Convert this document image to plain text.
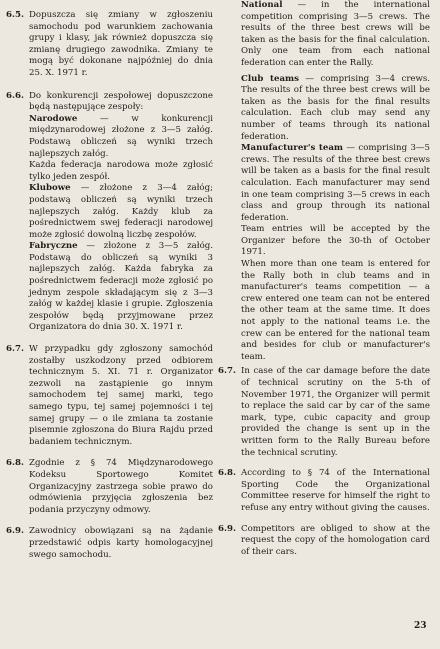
6.5. Dopuszcza się zmiany w zgłoszeniu samochodu pod warunkiem zachowania grupy i klasy, jak również dopuszcza się zmianę drugiego zawodnika. Zmiany te mogą być dokonane najpóźniej do dnia 25. X. 1971 r.

6.6. Do konkurencji zespołowej dopuszczone będą następujące zespoły:

Narodowe	— w konkurencji międzynarodowej złożone z 3—5 załóg. Podstawą obliczeń są wyniki trzech najlepszych załóg.

Każda federacja narodowa może zgłosić tylko jeden zespół.

Klubowe — złożone z 3—4 załóg; podstawą obliczeń są wyniki trzech najlepszych załóg. Każdy klub za pośrednictwem swej federacji narodowej może zgłosić dowolną liczbę zespołów.

Fabryczne — złożone z 3—5 załóg. Podstawą do obliczeń są wyniki 3 najlepszych załóg. Każda fabryka za pośrednictwem federacji może zgłosić po jednym zespole składającym się z 3—3 załóg w każdej klasie i grupie. Zgłoszenia zespołów będą przyjmowane przez Organizatora do dnia 30. X. 1971 r.

6.7. W przypadku gdy zgłoszony samochód zostałby uszkodzony przed odbiorem technicznym 5. XI. 71 r. Organizator zezwoli na zastąpienie go innym samochodem tej samej marki, tego samego typu, tej samej pojemności i tej samej grupy — o ile zmiana ta zostanie pisemnie zgłoszona do Biura Rajdu przed badaniem technicznym.

6.8. Zgodnie z § 74 Międzynarodowego Kodeksu Sportowego Komitet Organizacyjny zastrzega sobie prawo do odmówienia przyjęcia zgłoszenia bez podania przyczyny odmowy.

6.9. Zawodnicy obowiązani są na żądanie przedstawić odpis karty homologacyjnej swego samochodu.

National — in the international competition comprising 3—5 crews. The results of the three best crews will be taken as the basis for the final calculation. Only one team from each national federation can enter the Rally.

Club teams — comprising 3—4 crews. The results of the three best crews will be taken as the basis for the final results calculation. Each club may send any number of teams through its national federation.

Manufacturer's team — comprising 3—5 crews. The results of the three best crews will be taken as a basis for the final result calculation. Each manufacturer may send in one team comprising 3—5 crews in each class and group through its national federation.

Team entries will be accepted by the Organizer before the 30-th of October 1971.

When more than one team is entered for the Rally both in club teams and in manufacturer's teams competition — a crew entered one team can not be entered the other team at the same time. It does not apply to the national teams i.e. the crew can be entered for the national team and besides for club or manufacturer's team.

6.7. In case of the car damage before the date of technical scrutiny on the 5-th of November 1971, the Organizer will permit to replace the said car by car of the same mark, type, cubic capacity and group provided the change is sent up in the written form to the Rally Bureau before the technical scrutiny.

6.8. According to § 74 of the International Sporting Code the Organizational Committee reserve for himself the right to refuse any entry without giving the causes.

6.9. Competitors are obliged to show at the request the copy of the homologation card of their cars.

23
